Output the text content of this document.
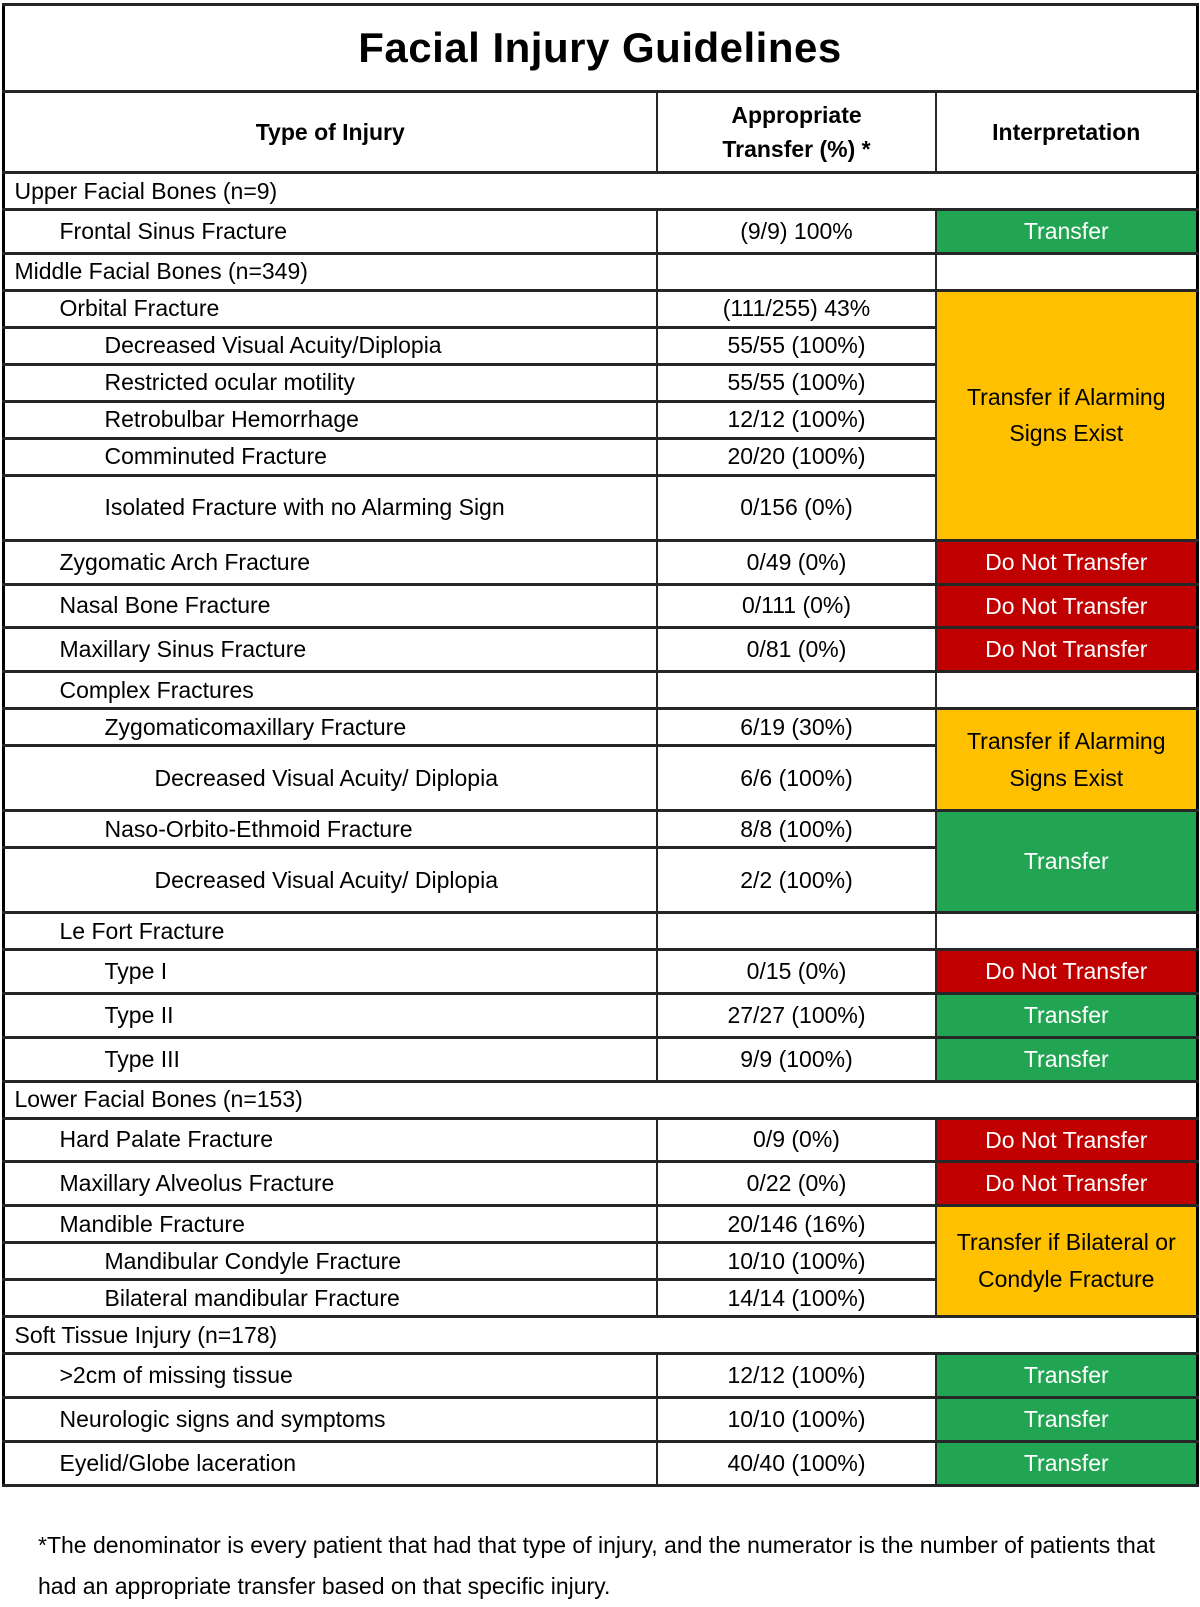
Facial Injury Guidelines		
Type of Injury	Appropriate Transfer (%) *	Interpretation
Upper Facial Bones (n=9)		
Frontal Sinus Fracture	(9/9) 100%	Transfer
Middle Facial Bones (n=349)		
Orbital Fracture	(111/255) 43%	Transfer if Alarming Signs Exist
Decreased Visual Acuity/Diplopia	55/55 (100%)	
Restricted ocular motility	55/55 (100%)	
Retrobulbar Hemorrhage	12/12 (100%)	
Comminuted Fracture	20/20 (100%)	
Isolated Fracture with no Alarming Sign	0/156 (0%)	
Zygomatic Arch Fracture	0/49 (0%)	Do Not Transfer
Nasal Bone Fracture	0/111 (0%)	Do Not Transfer
Maxillary Sinus Fracture	0/81 (0%)	Do Not Transfer
Complex Fractures		
Zygomaticomaxillary Fracture	6/19 (30%)	Transfer if Alarming Signs Exist
Decreased Visual Acuity/ Diplopia	6/6 (100%)	
Naso-Orbito-Ethmoid Fracture	8/8 (100%)	Transfer
Decreased Visual Acuity/ Diplopia	2/2 (100%)	
Le Fort Fracture		
Type I	0/15 (0%)	Do Not Transfer
Type II	27/27 (100%)	Transfer
Type III	9/9 (100%)	Transfer
Lower Facial Bones (n=153)		
Hard Palate Fracture	0/9 (0%)	Do Not Transfer
Maxillary Alveolus Fracture	0/22 (0%)	Do Not Transfer
Mandible Fracture	20/146 (16%)	Transfer if Bilateral or Condyle Fracture
Mandibular Condyle Fracture	10/10 (100%)	
Bilateral mandibular Fracture	14/14 (100%)	
Soft Tissue Injury (n=178)		
>2cm of missing tissue	12/12 (100%)	Transfer
Neurologic signs and symptoms	10/10 (100%)	Transfer
Eyelid/Globe laceration	40/40 (100%)	Transfer

*The denominator is every patient that had that type of injury, and the numerator is the number of patients that had an appropriate transfer based on that specific injury.
